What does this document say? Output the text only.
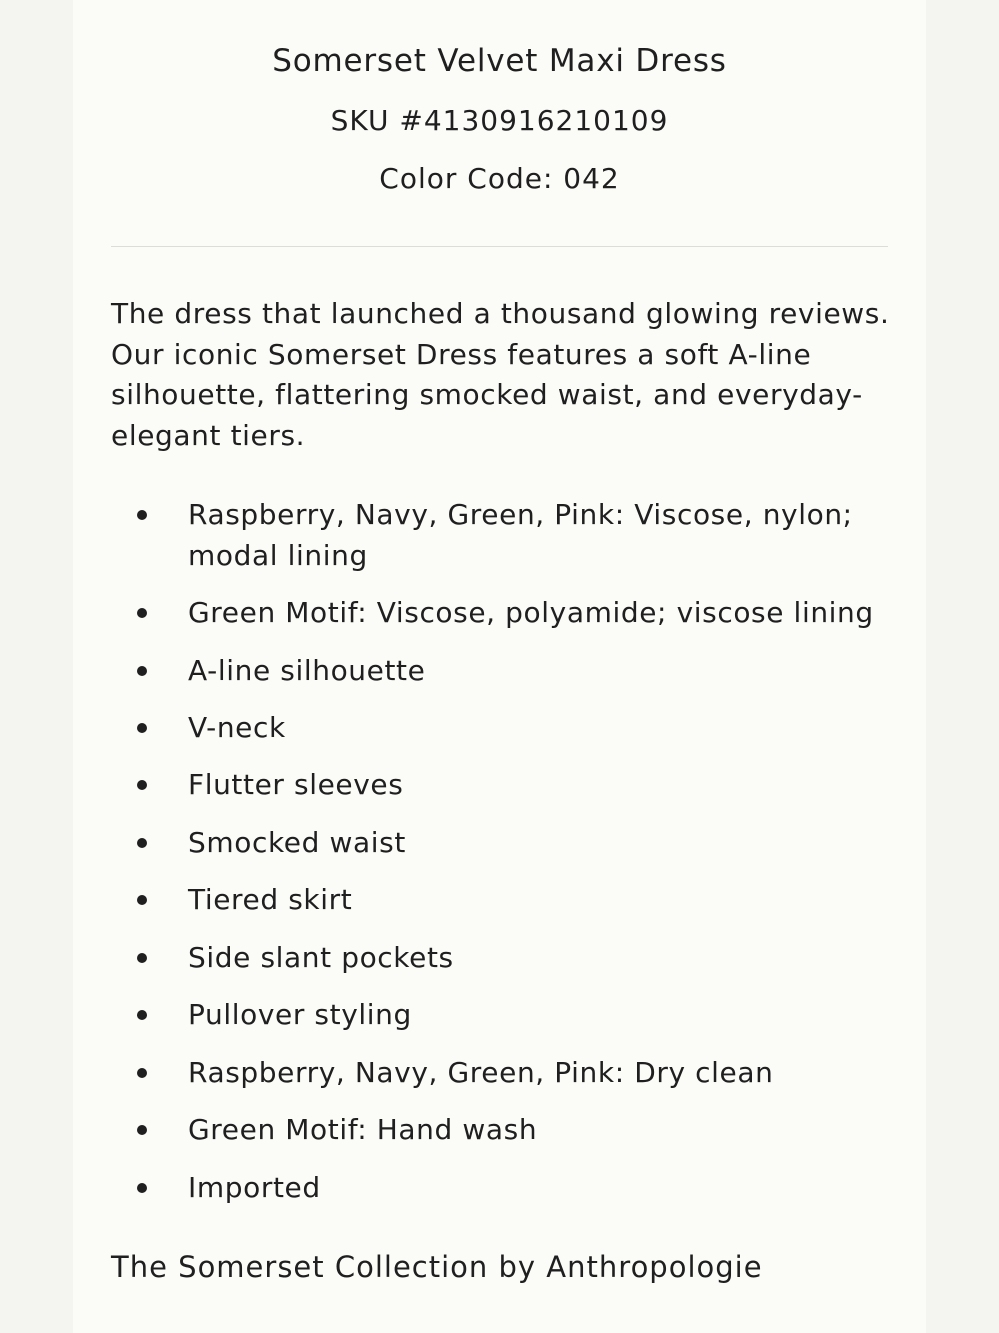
Somerset Velvet Maxi Dress
SKU #4130916210109
Color Code: 042

The dress that launched a thousand glowing reviews. Our iconic Somerset Dress features a soft A-line silhouette, flattering smocked waist, and everyday-elegant tiers.

Raspberry, Navy, Green, Pink: Viscose, nylon; modal lining
Green Motif: Viscose, polyamide; viscose lining
A-line silhouette
V-neck
Flutter sleeves
Smocked waist
Tiered skirt
Side slant pockets
Pullover styling
Raspberry, Navy, Green, Pink: Dry clean
Green Motif: Hand wash
Imported

The Somerset Collection by Anthropologie
